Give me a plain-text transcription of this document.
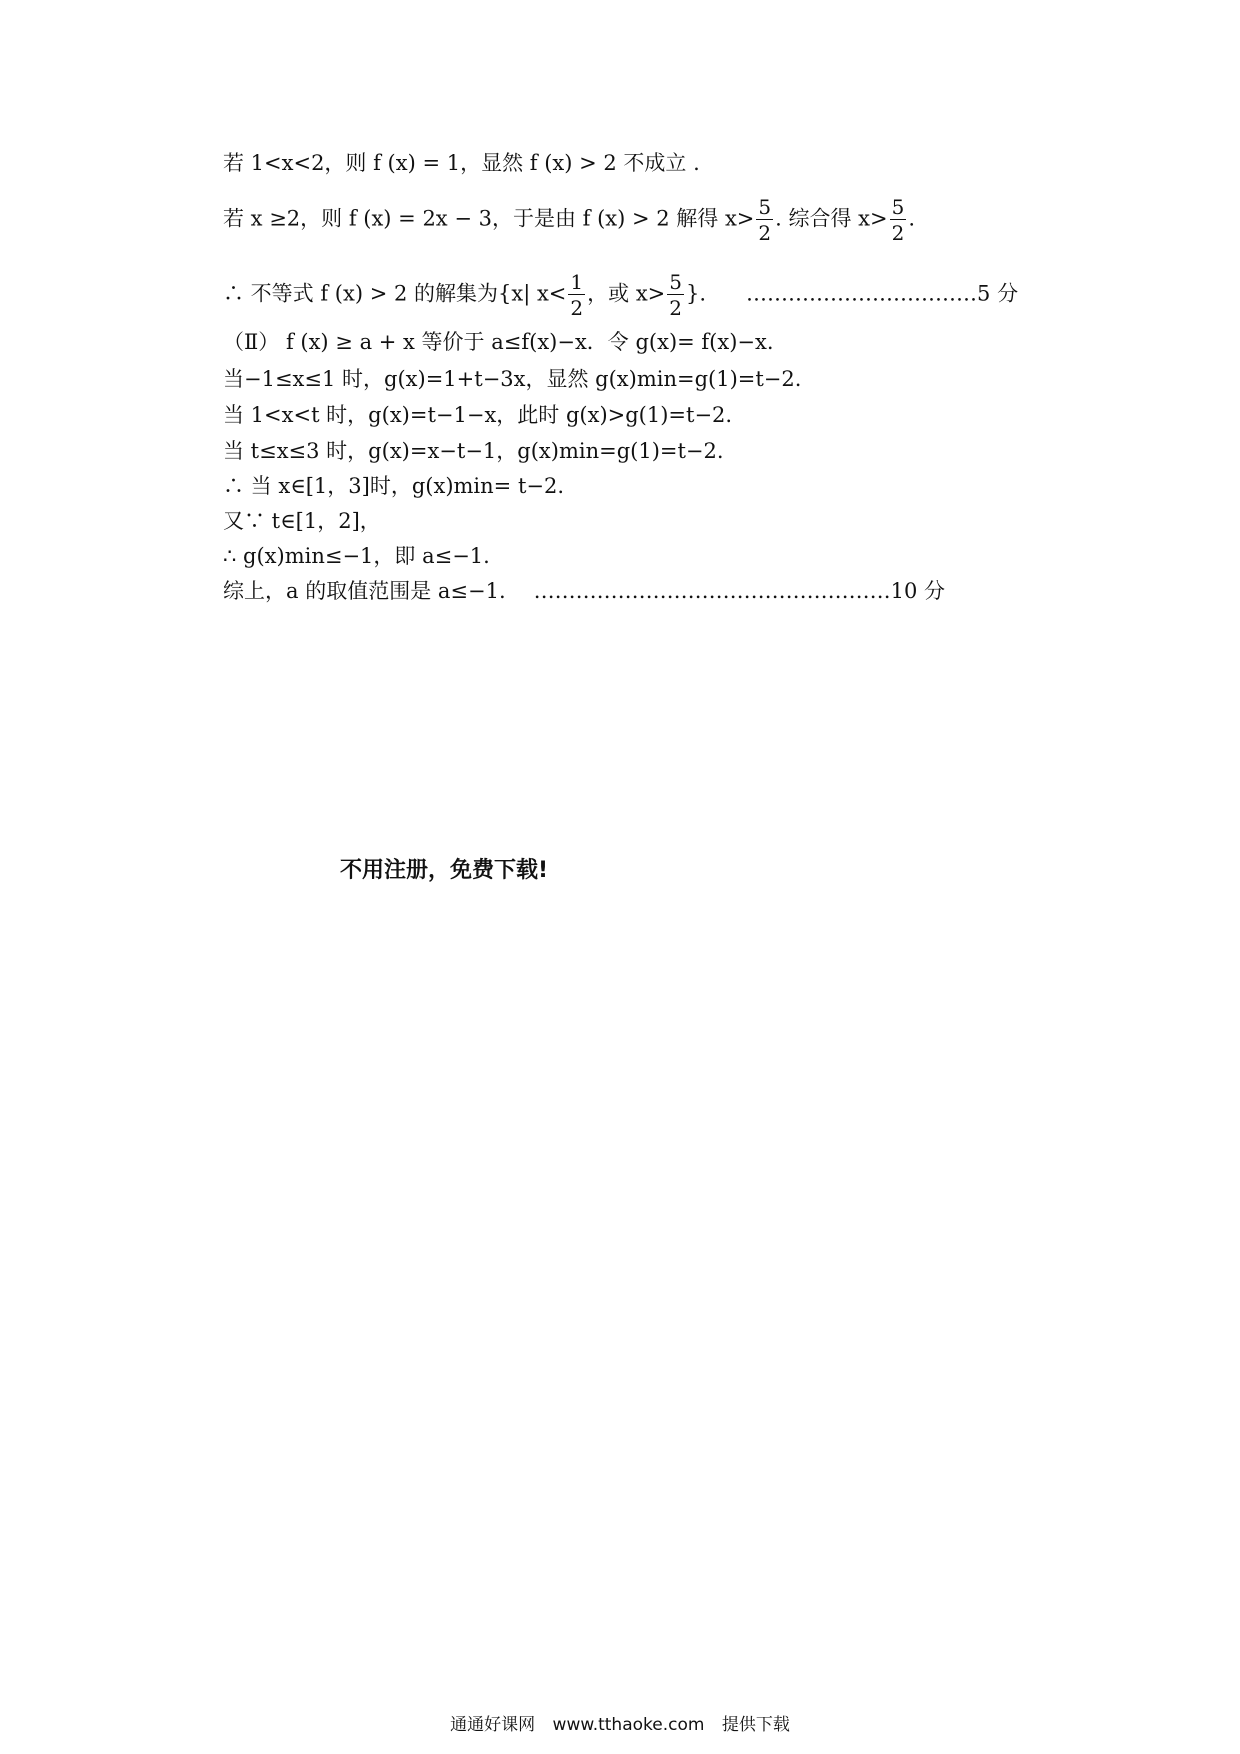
若 1<x<2，则 f (x) = 1，显然 f (x) > 2 不成立 .
若 x ≥2，则 f (x) = 2x − 3，于是由 f (x) > 2 解得 $x> \frac{5}{2}$ . 综合得 $x> \frac{5}{2}$ .
∴ 不等式 f (x) > 2 的解集为{x| $x< \frac{1}{2}$ ，或 $x> \frac{5}{2}$ }. ……………………………5 分
（Ⅱ） f (x) ≥ a + x 等价于 a≤f(x)−x．令 g(x)= f(x)−x.
当−1≤x≤1 时，g(x)=1+t−3x，显然 g(x)min=g(1)=t−2.
当 1<x<t 时，g(x)=t−1−x，此时 g(x)>g(1)=t−2.
当 t≤x≤3 时，g(x)=x−t−1，g(x)min=g(1)=t−2.
∴ 当 x∈[1，3]时，g(x)min= t−2.
又∵ t∈[1，2]，
∴ g(x)min≤−1，即 a≤−1.
综上，a 的取值范围是 a≤−1. ……………………………………………10 分
不用注册，免费下载!
通通好课网 www.tthaoke.com 提供下载
